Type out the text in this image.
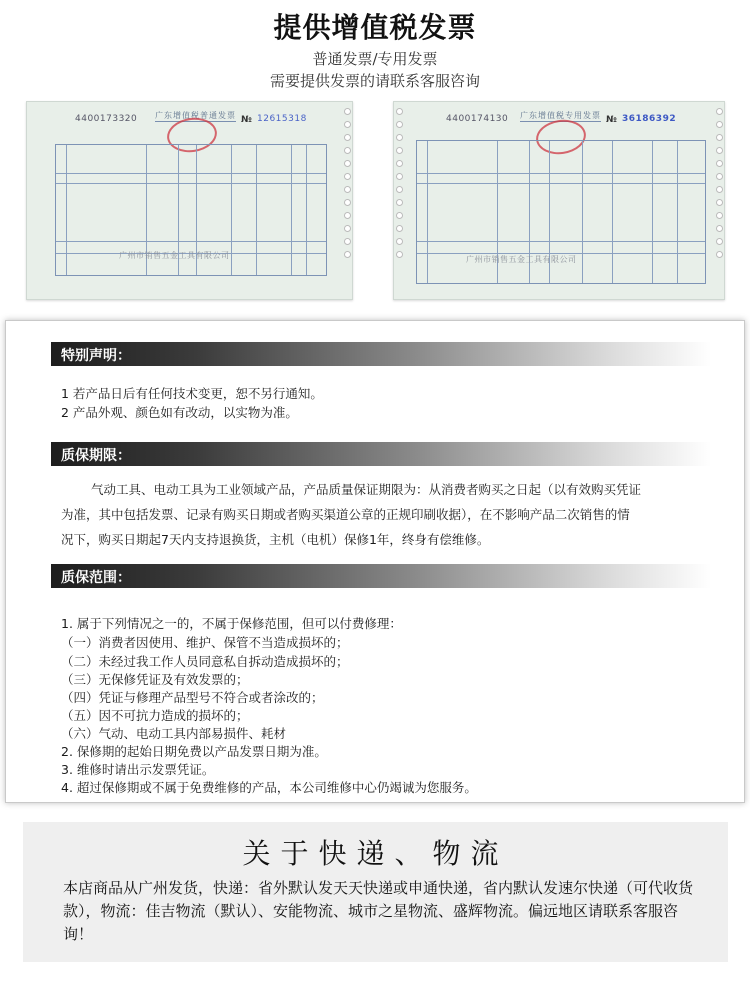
提供增值税发票
普通发票/专用发票
需要提供发票的请联系客服咨询
4400173320 广东增值税普通发票 № 12615318
广州市销售五金工具有限公司
4400174130 广东增值税专用发票 № 36186392
广州市销售五金工具有限公司
特别声明：
1 若产品日后有任何技术变更，恕不另行通知。
2 产品外观、颜色如有改动，以实物为准。
质保期限：
气动工具、电动工具为工业领域产品，产品质量保证期限为：从消费者购买之日起（以有效购买凭证
为准，其中包括发票、记录有购买日期或者购买渠道公章的正规印刷收据），在不影响产品二次销售的情
况下，购买日期起7天内支持退换货，主机（电机）保修1年，终身有偿维修。
质保范围：
1. 属于下列情况之一的，不属于保修范围，但可以付费修理：
（一）消费者因使用、维护、保管不当造成损坏的；
（二）未经过我工作人员同意私自拆动造成损坏的；
（三）无保修凭证及有效发票的；
（四）凭证与修理产品型号不符合或者涂改的；
（五）因不可抗力造成的损坏的；
（六）气动、电动工具内部易损件、耗材
2. 保修期的起始日期免费以产品发票日期为准。
3. 维修时请出示发票凭证。
4. 超过保修期或不属于免费维修的产品，本公司维修中心仍竭诚为您服务。
关于快递、物流
本店商品从广州发货，快递：省外默认发天天快递或申通快递，省内默认发速尔快递（可代收货款），物流：佳吉物流（默认）、安能物流、城市之星物流、盛辉物流。偏远地区请联系客服咨询！
